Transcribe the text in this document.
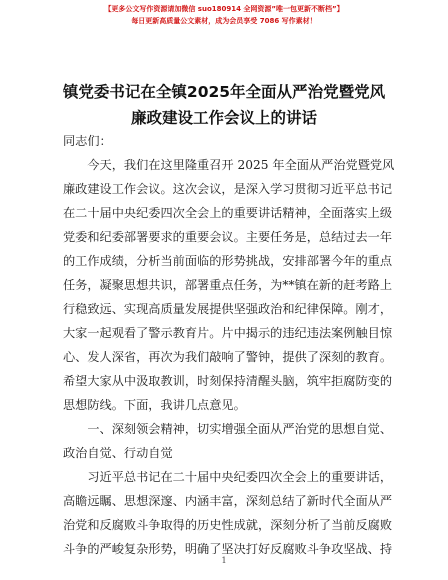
【更多公文写作资源请加微信 suo180914 全网资源”唯一包更新不断档”】
每日更新高质量公文素材，成为会员享受 7086 写作素材！
镇党委书记在全镇2025年全面从严治党暨党风
廉政建设工作会议上的讲话
同志们：
　　今天，我们在这里隆重召开 2025 年全面从严治党暨党风
廉政建设工作会议。这次会议，是深入学习贯彻习近平总书记
在二十届中央纪委四次全会上的重要讲话精神，全面落实上级
党委和纪委部署要求的重要会议。主要任务是，总结过去一年
的工作成绩，分析当前面临的形势挑战，安排部署今年的重点
任务，凝聚思想共识，部署重点任务，为**镇在新的赶考路上
行稳致远、实现高质量发展提供坚强政治和纪律保障。刚才，
大家一起观看了警示教育片。片中揭示的违纪违法案例触目惊
心、发人深省，再次为我们敲响了警钟，提供了深刻的教育。
希望大家从中汲取教训，时刻保持清醒头脑，筑牢拒腐防变的
思想防线。下面，我讲几点意见。
　　一、深刻领会精神，切实增强全面从严治党的思想自觉、
政治自觉、行动自觉
　　习近平总书记在二十届中央纪委四次全会上的重要讲话，
高瞻远瞩、思想深邃、内涵丰富，深刻总结了新时代全面从严
治党和反腐败斗争取得的历史性成就，深刻分析了当前反腐败
斗争的严峻复杂形势，明确了坚决打好反腐败斗争攻坚战、持
1
